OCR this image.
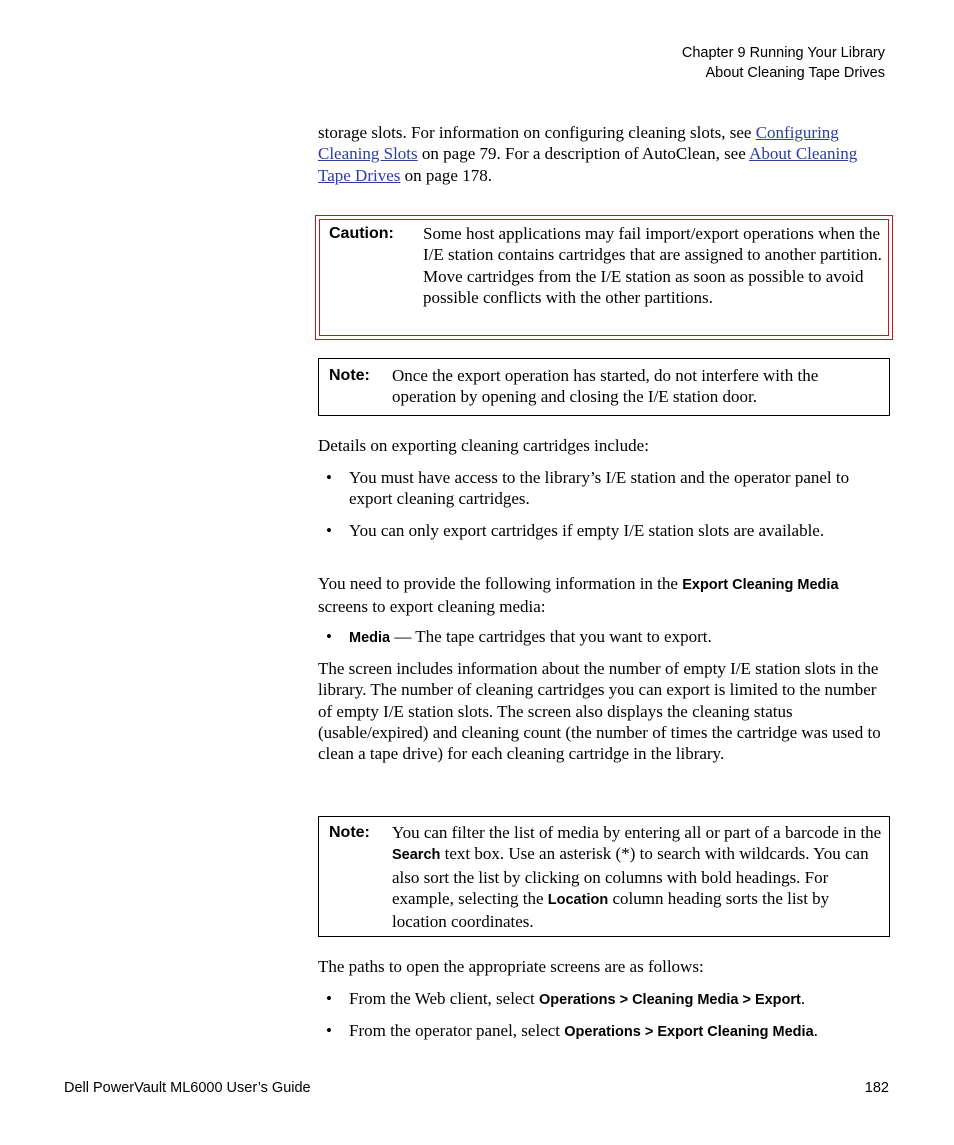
Chapter 9 Running Your Library
About Cleaning Tape Drives

storage slots. For information on configuring cleaning slots, see Configuring Cleaning Slots on page 79. For a description of AutoClean, see About Cleaning Tape Drives on page 178.

Caution: Some host applications may fail import/export operations when the I/E station contains cartridges that are assigned to another partition. Move cartridges from the I/E station as soon as possible to avoid possible conflicts with the other partitions.
Note: Once the export operation has started, do not interfere with the operation by opening and closing the I/E station door.

Details on exporting cleaning cartridges include:

• You must have access to the library’s I/E station and the operator panel to export cleaning cartridges.
• You can only export cartridges if empty I/E station slots are available.

You need to provide the following information in the Export Cleaning Media screens to export cleaning media:

• Media — The tape cartridges that you want to export.

The screen includes information about the number of empty I/E station slots in the library. The number of cleaning cartridges you can export is limited to the number of empty I/E station slots. The screen also displays the cleaning status (usable/expired) and cleaning count (the number of times the cartridge was used to clean a tape drive) for each cleaning cartridge in the library.

Note: You can filter the list of media by entering all or part of a barcode in the Search text box. Use an asterisk (*) to search with wildcards. You can also sort the list by clicking on columns with bold headings. For example, selecting the Location column heading sorts the list by location coordinates.

The paths to open the appropriate screens are as follows:

• From the Web client, select Operations > Cleaning Media > Export.
• From the operator panel, select Operations > Export Cleaning Media.
Dell PowerVault ML6000 User’s Guide	182
